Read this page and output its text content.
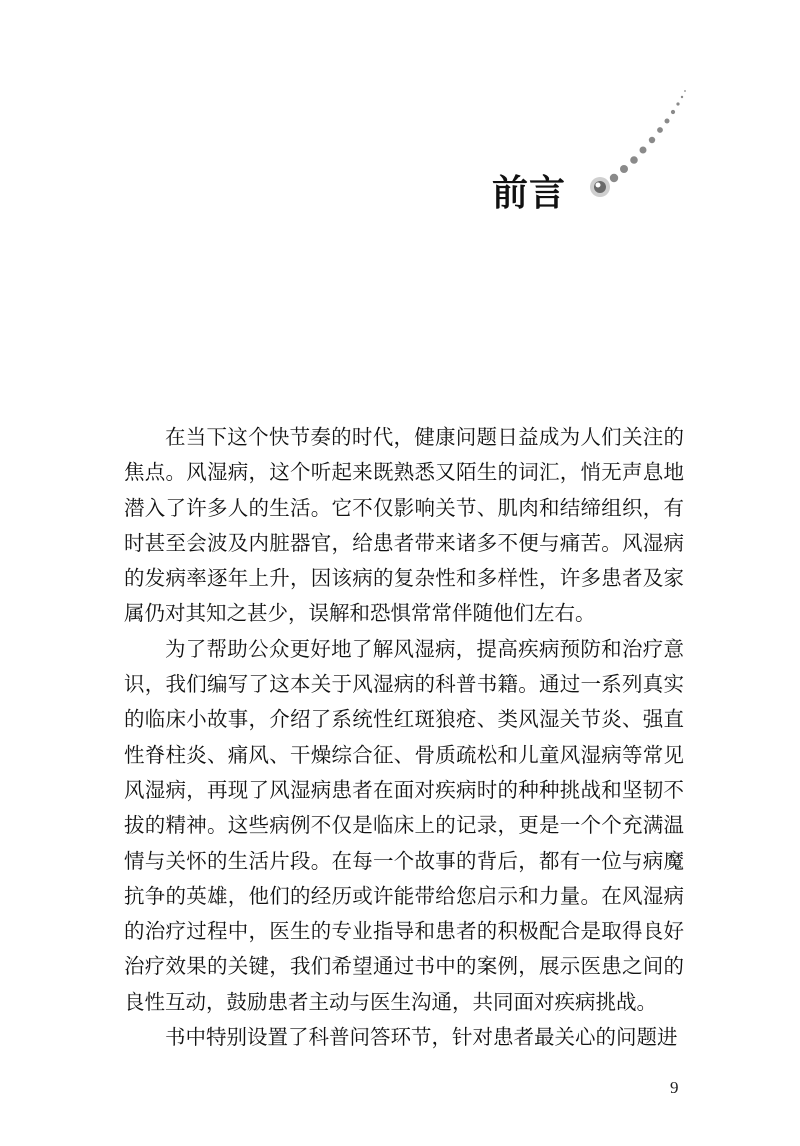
前言

在当下这个快节奏的时代，健康问题日益成为人们关注的焦点。风湿病，这个听起来既熟悉又陌生的词汇，悄无声息地潜入了许多人的生活。它不仅影响关节、肌肉和结缔组织，有时甚至会波及内脏器官，给患者带来诸多不便与痛苦。风湿病的发病率逐年上升，因该病的复杂性和多样性，许多患者及家属仍对其知之甚少，误解和恐惧常常伴随他们左右。

为了帮助公众更好地了解风湿病，提高疾病预防和治疗意识，我们编写了这本关于风湿病的科普书籍。通过一系列真实的临床小故事，介绍了系统性红斑狼疮、类风湿关节炎、强直性脊柱炎、痛风、干燥综合征、骨质疏松和儿童风湿病等常见风湿病，再现了风湿病患者在面对疾病时的种种挑战和坚韧不拔的精神。这些病例不仅是临床上的记录，更是一个个充满温情与关怀的生活片段。在每一个故事的背后，都有一位与病魔抗争的英雄，他们的经历或许能带给您启示和力量。在风湿病的治疗过程中，医生的专业指导和患者的积极配合是取得良好治疗效果的关键，我们希望通过书中的案例，展示医患之间的良性互动，鼓励患者主动与医生沟通，共同面对疾病挑战。

书中特别设置了科普问答环节，针对患者最关心的问题进

9
